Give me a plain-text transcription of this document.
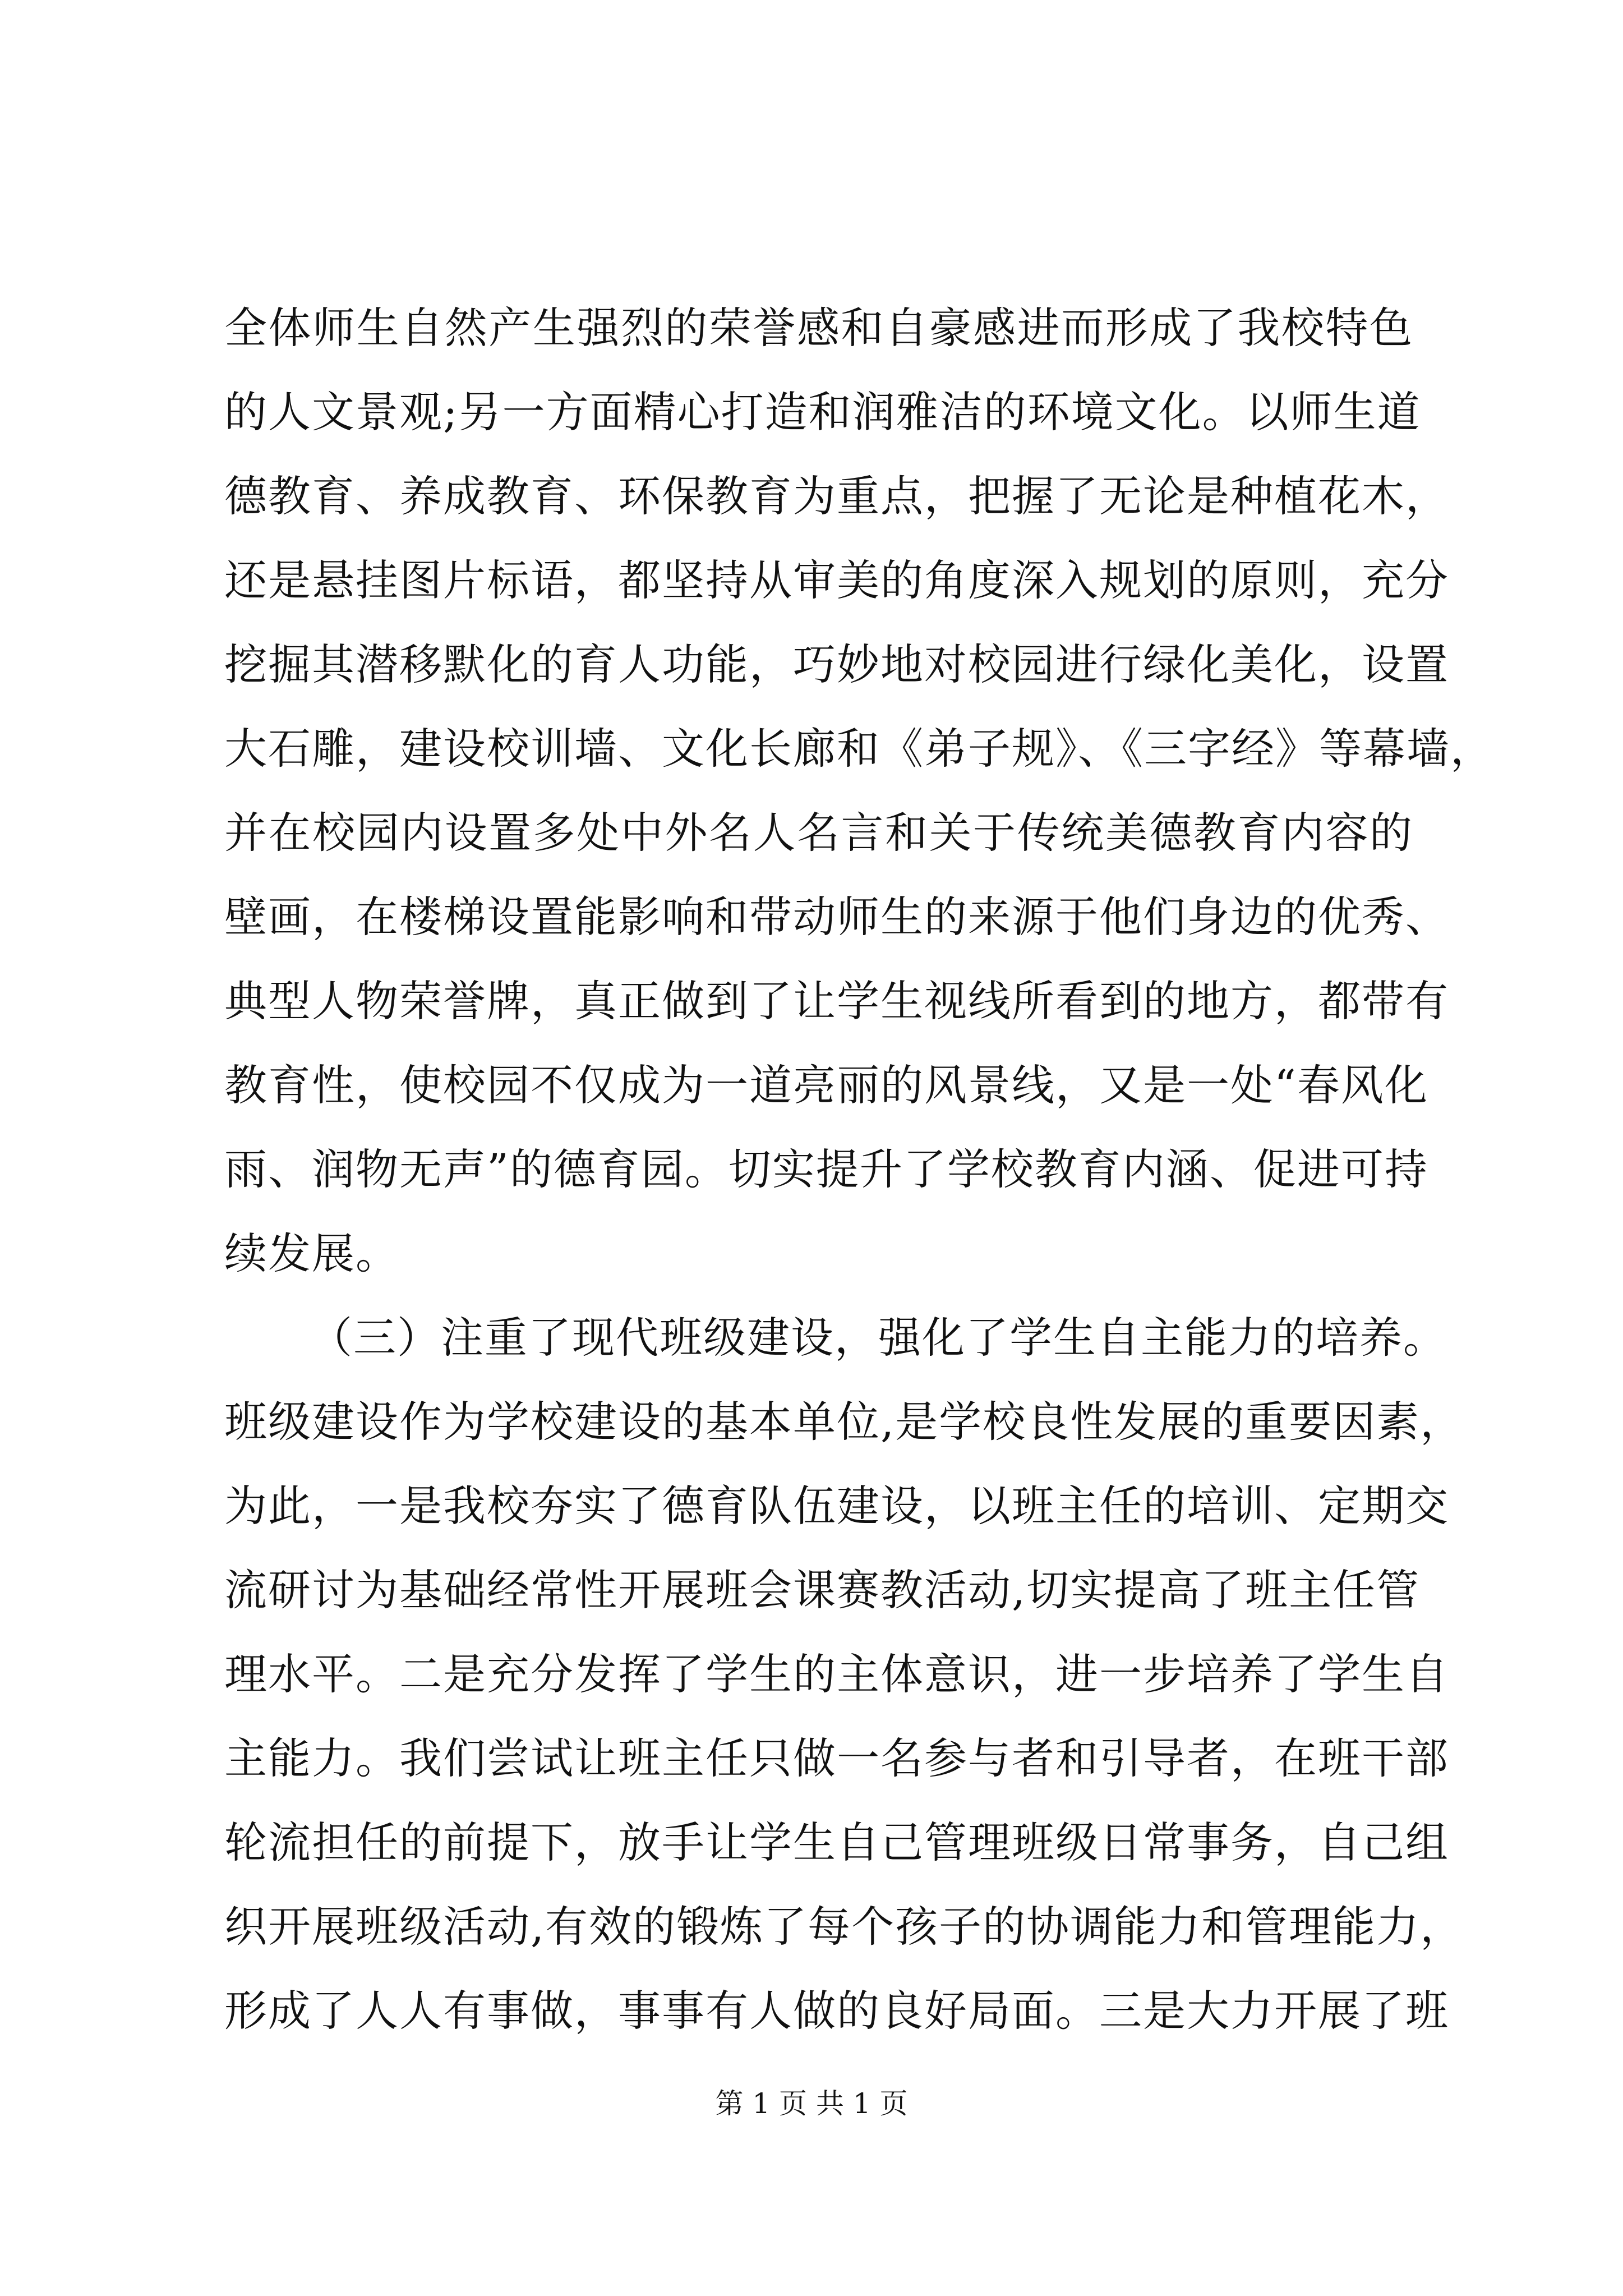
全体师生自然产生强烈的荣誉感和自豪感进而形成了我校特色
的人文景观;另一方面精心打造和润雅洁的环境文化。以师生道
德教育、养成教育、环保教育为重点，把握了无论是种植花木，
还是悬挂图片标语，都坚持从审美的角度深入规划的原则，充分
挖掘其潜移默化的育人功能，巧妙地对校园进行绿化美化，设置
大石雕，建设校训墙、文化长廊和《弟子规》、《三字经》等幕墙，
并在校园内设置多处中外名人名言和关于传统美德教育内容的
壁画，在楼梯设置能影响和带动师生的来源于他们身边的优秀、
典型人物荣誉牌，真正做到了让学生视线所看到的地方，都带有
教育性，使校园不仅成为一道亮丽的风景线，又是一处“春风化
雨、润物无声”的德育园。切实提升了学校教育内涵、促进可持
续发展。
（三）注重了现代班级建设，强化了学生自主能力的培养。
班级建设作为学校建设的基本单位,是学校良性发展的重要因素，
为此，一是我校夯实了德育队伍建设，以班主任的培训、定期交
流研讨为基础经常性开展班会课赛教活动,切实提高了班主任管
理水平。二是充分发挥了学生的主体意识，进一步培养了学生自
主能力。我们尝试让班主任只做一名参与者和引导者，在班干部
轮流担任的前提下，放手让学生自己管理班级日常事务，自己组
织开展班级活动,有效的锻炼了每个孩子的协调能力和管理能力，
形成了人人有事做，事事有人做的良好局面。三是大力开展了班
第 1 页 共 1 页
